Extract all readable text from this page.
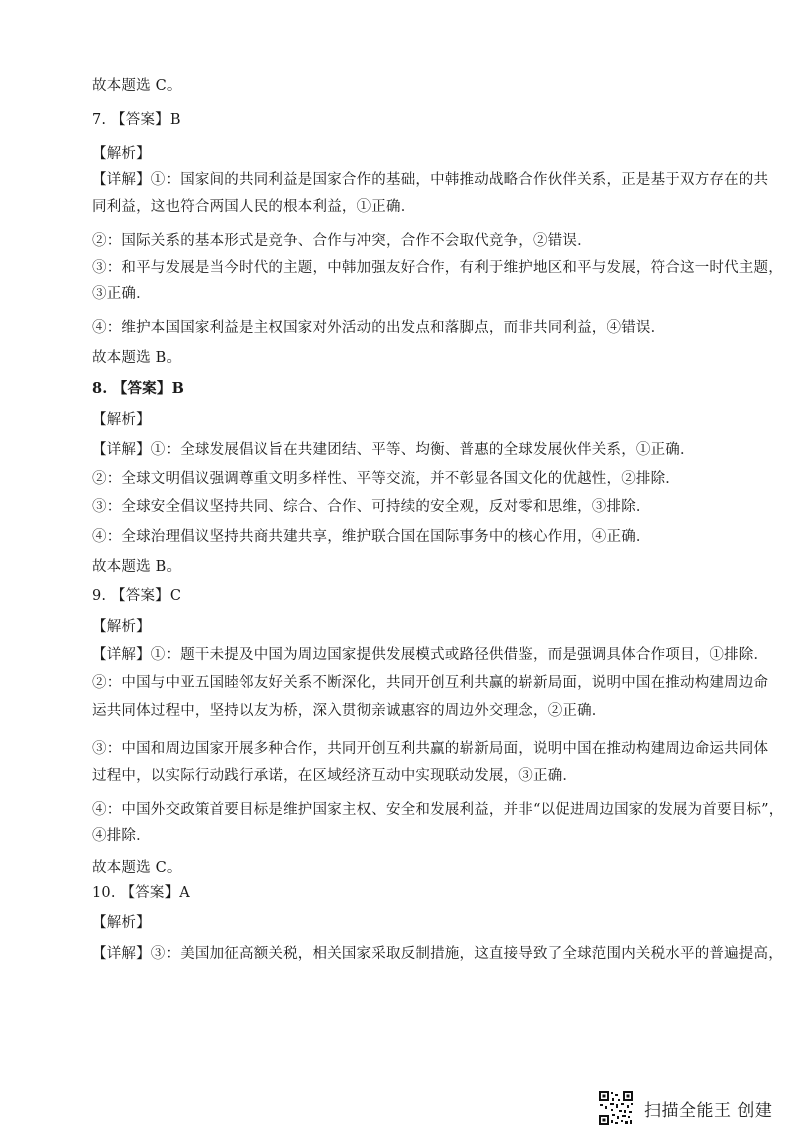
故本题选 C。
7. 【答案】B
【解析】
【详解】①：国家间的共同利益是国家合作的基础，中韩推动战略合作伙伴关系，正是基于双方存在的共
同利益，这也符合两国人民的根本利益，①正确．
②：国际关系的基本形式是竞争、合作与冲突，合作不会取代竞争，②错误．
③：和平与发展是当今时代的主题，中韩加强友好合作，有利于维护地区和平与发展，符合这一时代主题，
③正确．
④：维护本国国家利益是主权国家对外活动的出发点和落脚点，而非共同利益，④错误．
故本题选 B。
8. 【答案】B
【解析】
【详解】①：全球发展倡议旨在共建团结、平等、均衡、普惠的全球发展伙伴关系，①正确．
②：全球文明倡议强调尊重文明多样性、平等交流，并不彰显各国文化的优越性，②排除．
③：全球安全倡议坚持共同、综合、合作、可持续的安全观，反对零和思维，③排除．
④：全球治理倡议坚持共商共建共享，维护联合国在国际事务中的核心作用，④正确．
故本题选 B。
9. 【答案】C
【解析】
【详解】①：题干未提及中国为周边国家提供发展模式或路径供借鉴，而是强调具体合作项目，①排除．
②：中国与中亚五国睦邻友好关系不断深化，共同开创互利共赢的崭新局面，说明中国在推动构建周边命
运共同体过程中，坚持以友为桥，深入贯彻亲诚惠容的周边外交理念，②正确．
③：中国和周边国家开展多种合作，共同开创互利共赢的崭新局面，说明中国在推动构建周边命运共同体
过程中，以实际行动践行承诺，在区域经济互动中实现联动发展，③正确．
④：中国外交政策首要目标是维护国家主权、安全和发展利益，并非“以促进周边国家的发展为首要目标”，
④排除．
故本题选 C。
10. 【答案】A
【解析】
【详解】③：美国加征高额关税，相关国家采取反制措施，这直接导致了全球范围内关税水平的普遍提高，
扫描全能王 创建
